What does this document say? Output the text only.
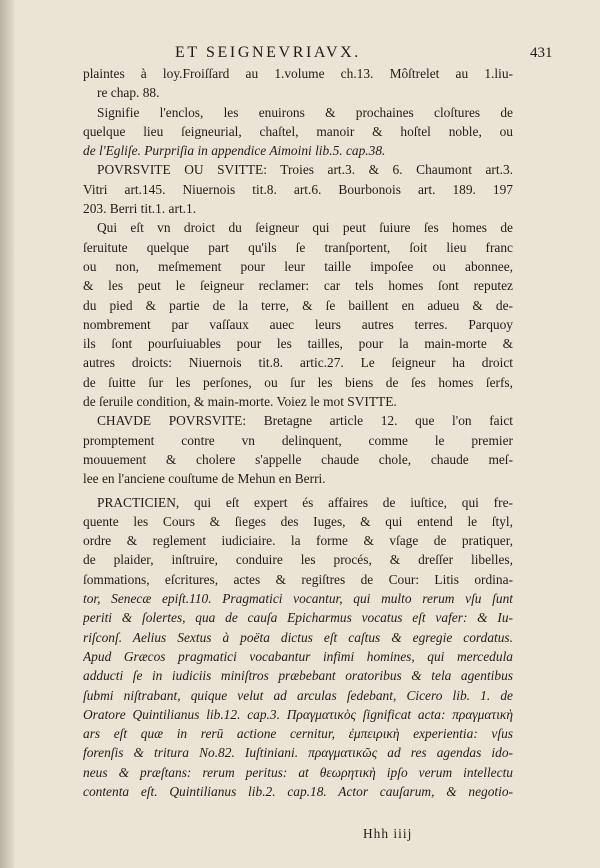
ET SEIGNEVRIAVX.	431
plaintes à loy.Froiſſard au 1.volume ch.13. Môſtrelet au 1.liu-
re chap. 88.
Signifie l'enclos, les enuirons & prochaines cloſtures de
quelque lieu ſeigneurial, chaſtel, manoir & hoſtel noble, ou
de l'Egliſe. Purpriſia in appendice Aimoini lib.5. cap.38.
POVRSVITE OU SVITTE: Troies art.3. & 6. Chaumont art.3.
Vitri art.145. Niuernois tit.8. art.6. Bourbonois art. 189. 197
203. Berri tit.1. art.1.
Qui eſt vn droict du ſeigneur qui peut ſuiure ſes homes de
ſeruitute quelque part qu'ils ſe tranſportent, ſoit lieu franc
ou non, meſmement pour leur taille impoſee ou abonnee,
& les peut le ſeigneur reclamer: car tels homes ſont reputez
du pied & partie de la terre, & ſe baillent en adueu & de-
nombrement par vaſſaux auec leurs autres terres. Parquoy
ils ſont pourſuiuables pour les tailles, pour la main-morte &
autres droicts: Niuernois tit.8. artic.27. Le ſeigneur ha droict
de ſuitte ſur les perſones, ou ſur les biens de ſes homes ſerfs,
de ſeruile condition, & main-morte. Voiez le mot SVITTE.
CHAVDE POVRSVITE: Bretagne article 12. que l'on faict
promptement contre vn delinquent, comme le premier
mouuement & cholere s'appelle chaude chole, chaude meſ-
lee en l'anciene couſtume de Mehun en Berri.
PRACTICIEN, qui eſt expert és affaires de iuſtice, qui fre-
quente les Cours & ſieges des Iuges, & qui entend le ſtyl,
ordre & reglement iudiciaire. la forme & vſage de pratiquer,
de plaider, inſtruire, conduire les procés, & dreſſer libelles,
ſommations, eſcritures, actes & regiſtres de Cour: Litis ordina-
tor, Senecæ epiſt.110. Pragmatici vocantur, qui multo rerum vſu ſunt
periti & ſolertes, qua de cauſa Epicharmus vocatus eſt vafer: & Iu-
riſconſ. Aelius Sextus à poëta dictus eſt caſtus & egregie cordatus.
Apud Græcos pragmatici vocabantur infimi homines, qui mercedula
adducti ſe in iudiciis miniſtros præbebant oratoribus & tela agentibus
ſubmi niſtrabant, quique velut ad arculas ſedebant, Cicero lib. 1. de
Oratore Quintilianus lib.12. cap.3. Πραγματικὸς ſignificat acta: πραγματικὴ
ars eſt quæ in rerū actione cernitur, ἐμπειρικὴ experientia: vſus
forenſis & tritura No.82. Iuſtiniani. πραγματικῶς ad res agendas ido-
neus & præſtans: rerum peritus: at θεωρητικὴ ipſo verum intellectu
contenta eſt. Quintilianus lib.2. cap.18. Actor cauſarum, & negotio-
Hhh iiij
